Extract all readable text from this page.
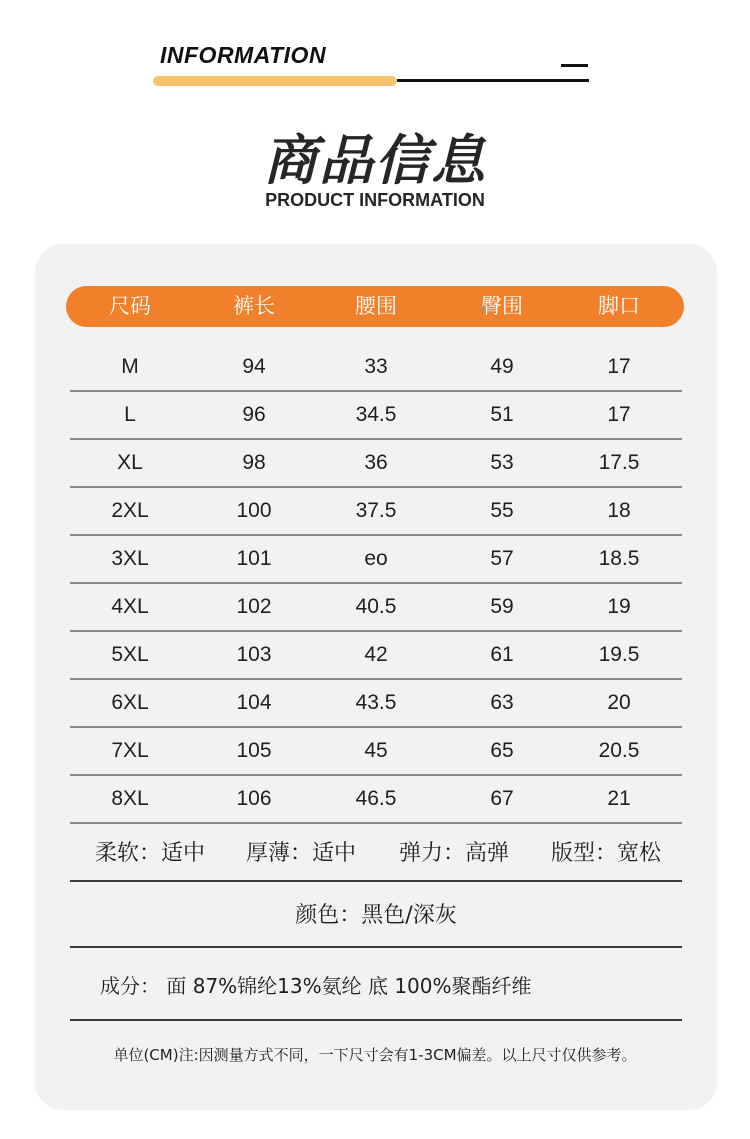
INFORMATION
商品信息
PRODUCT INFORMATION
尺码	裤长	腰围	臀围	脚口
M	94	33	49	17
L	96	34.5	51	17
XL	98	36	53	17.5
2XL	100	37.5	55	18
3XL	101	eo	57	18.5
4XL	102	40.5	59	19
5XL	103	42	61	19.5
6XL	104	43.5	63	20
7XL	105	45	65	20.5
8XL	106	46.5	67	21
柔软：适中 厚薄：适中 弹力：高弹 版型：宽松
颜色：黑色/深灰
成分： 面 87%锦纶13%氨纶 底 100%聚酯纤维
单位(CM)注:因测量方式不同，一下尺寸会有1-3CM偏差。以上尺寸仅供参考。
